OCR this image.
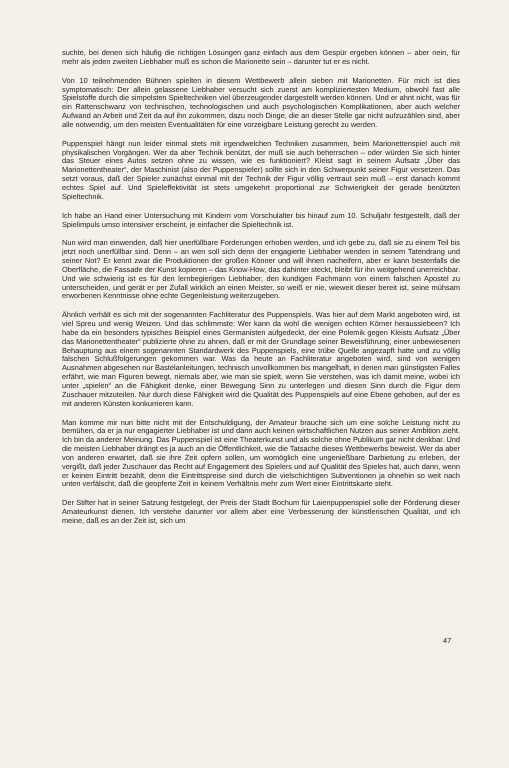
suchte, bei denen sich häufig die richtigen Lösungen ganz einfach aus dem Gespür ergeben können – aber nein, für mehr als jeden zweiten Liebhaber muß es schon die Marionette sein – darunter tut er es nicht.

Von 10 teilnehmenden Bühnen spielten in diesem Wettbewerb allein sieben mit Marionetten. Für mich ist dies symptomatisch: Der allein gelassene Liebhaber versucht sich zuerst am kompliziertesten Medium, obwohl fast alle Spielstoffe durch die simpelsten Spieltechniken viel überzeugender dargestellt werden können. Und er ahnt nicht, was für ein Rattenschwanz von technischen, technologischen und auch psychologischen Komplikationen, aber auch welcher Aufwand an Arbeit und Zeit da auf ihn zukommen, dazu noch Dinge, die an dieser Stelle gar nicht aufzuzählen sind, aber alle notwendig, um den meisten Eventualitäten für eine vorzeigbare Leistung gerecht zu werden.

Puppenspiel hängt nun leider einmal stets mit irgendwelchen Techniken zusammen, beim Marionettenspiel auch mit physikalischen Vorgängen. Wer da aber Technik benützt, der muß sie auch beherrschen – oder würden Sie sich hinter das Steuer eines Autos setzen ohne zu wissen, wie es funktioniert? Kleist sagt in seinem Aufsatz „Über das Marionettentheater“, der Maschinist (also der Puppenspieler) sollte sich in den Schwerpunkt seiner Figur versetzen. Das setzt voraus, daß der Spieler zunächst einmal mit der Technik der Figur völlig vertraut sein muß – erst danach kommt echtes Spiel auf. Und Spieleffektivität ist stets umgekehrt proportional zur Schwierigkeit der gerade benützten Spieltechnik.

Ich habe an Hand einer Untersuchung mit Kindern vom Vorschulalter bis hinauf zum 10. Schuljahr festgestellt, daß der Spielimpuls umso intensiver erscheint, je einfacher die Spieltechnik ist.

Nun wird man einwenden, daß hier unerfüllbare Forderungen erhoben werden, und ich gebe zu, daß sie zu einem Teil bis jetzt noch unerfüllbar sind. Denn – an wen soll sich denn der engagierte Liebhaber wenden in seinem Tatendrang und seiner Not? Er kennt zwar die Produktionen der großen Könner und will ihnen nacheifern, aber er kann bestenfalls die Oberfläche, die Fassade der Kunst kopieren – das Know-How, das dahinter steckt, bleibt für ihn weitgehend unerreichbar. Und wie schwierig ist es für den lernbegierigen Liebhaber, den kundigen Fachmann von einem falschen Apostel zu unterscheiden, und gerät er per Zufall wirklich an einen Meister, so weiß er nie, wieweit dieser bereit ist, seine mühsam erworbenen Kenntnisse ohne echte Gegenleistung weiterzugeben.

Ähnlich verhält es sich mit der sogenannten Fachliteratur des Puppenspiels. Was hier auf dem Markt angeboten wird, ist viel Spreu und wenig Weizen. Und das schlimmste: Wer kann da wohl die wenigen echten Körner heraussiebeen? Ich habe da ein besonders typisches Beispiel eines Germanisten aufgedeckt, der eine Polemik gegen Kleists Aufsatz „Über das Marionettentheater“ publizierte ohne zu ahnen, daß er mit der Grundlage seiner Beweisführung, einer unbewiesenen Behauptung aus einem sogenannten Standardwerk des Puppenspiels, eine trübe Quelle angezapft hatte und zu völlig falschen Schlußfolgerungen gekommen war. Was da heute an Fachliteratur angeboten wird, sind von wenigen Ausnahmen abgesehen nur Bastelanleitungen, technisch unvollkommen bis mangelhaft, in denen man günstigsten Falles erfährt, wie man Figuren bewegt, niemals aber, wie man sie spielt, wenn Sie verstehen, was ich damit meine, wobei ich unter „spielen“ an die Fähigkeit denke, einer Bewegung Sinn zu unterlegen und diesen Sinn durch die Figur dem Zuschauer mitzuteilen. Nur durch diese Fähigkeit wird die Qualität des Puppenspiels auf eine Ebene gehoben, auf der es mit anderen Künsten konkurrieren kann.

Man komme mir nun bitte nicht mit der Entschuldigung, der Amateur brauche sich um eine solche Leistung nicht zu bemühen, da er ja nur engagierter Liebhaber ist und dann auch keinen wirtschaftlichen Nutzen aus seiner Ambition zieht. Ich bin da anderer Meinung. Das Puppenspiel ist eine Theaterkunst und als solche ohne Publikum gar nicht denkbar. Und die meisten Liebhaber drängt es ja auch an die Öffentlichkeit, wie die Tatsache dieses Wettbewerbs beweist. Wer da aber von anderen erwartet, daß sie ihre Zeit opfern sollen, um womöglich eine ungenießbare Darbietung zu erleben, der vergißt, daß jeder Zuschauer das Recht auf Engagement des Spielers und auf Qualität des Spieles hat, auch dann, wenn er keinen Eintritt bezahlt, denn die Eintrittspreise sind durch die vielschichtigen Subventionen ja ohnehin so weit nach unten verfälscht, daß die geopferte Zeit in keinem Verhältnis mehr zum Wert einer Eintrittskarte steht.

Der Stifter hat in seiner Satzung festgelegt, der Preis der Stadt Bochum für Laienpuppenspiel solle der Förderung dieser Amateurkunst dienen. Ich verstehe darunter vor allem aber eine Verbesserung der künstlerischen Qualität, und ich meine, daß es an der Zeit ist, sich um

47
